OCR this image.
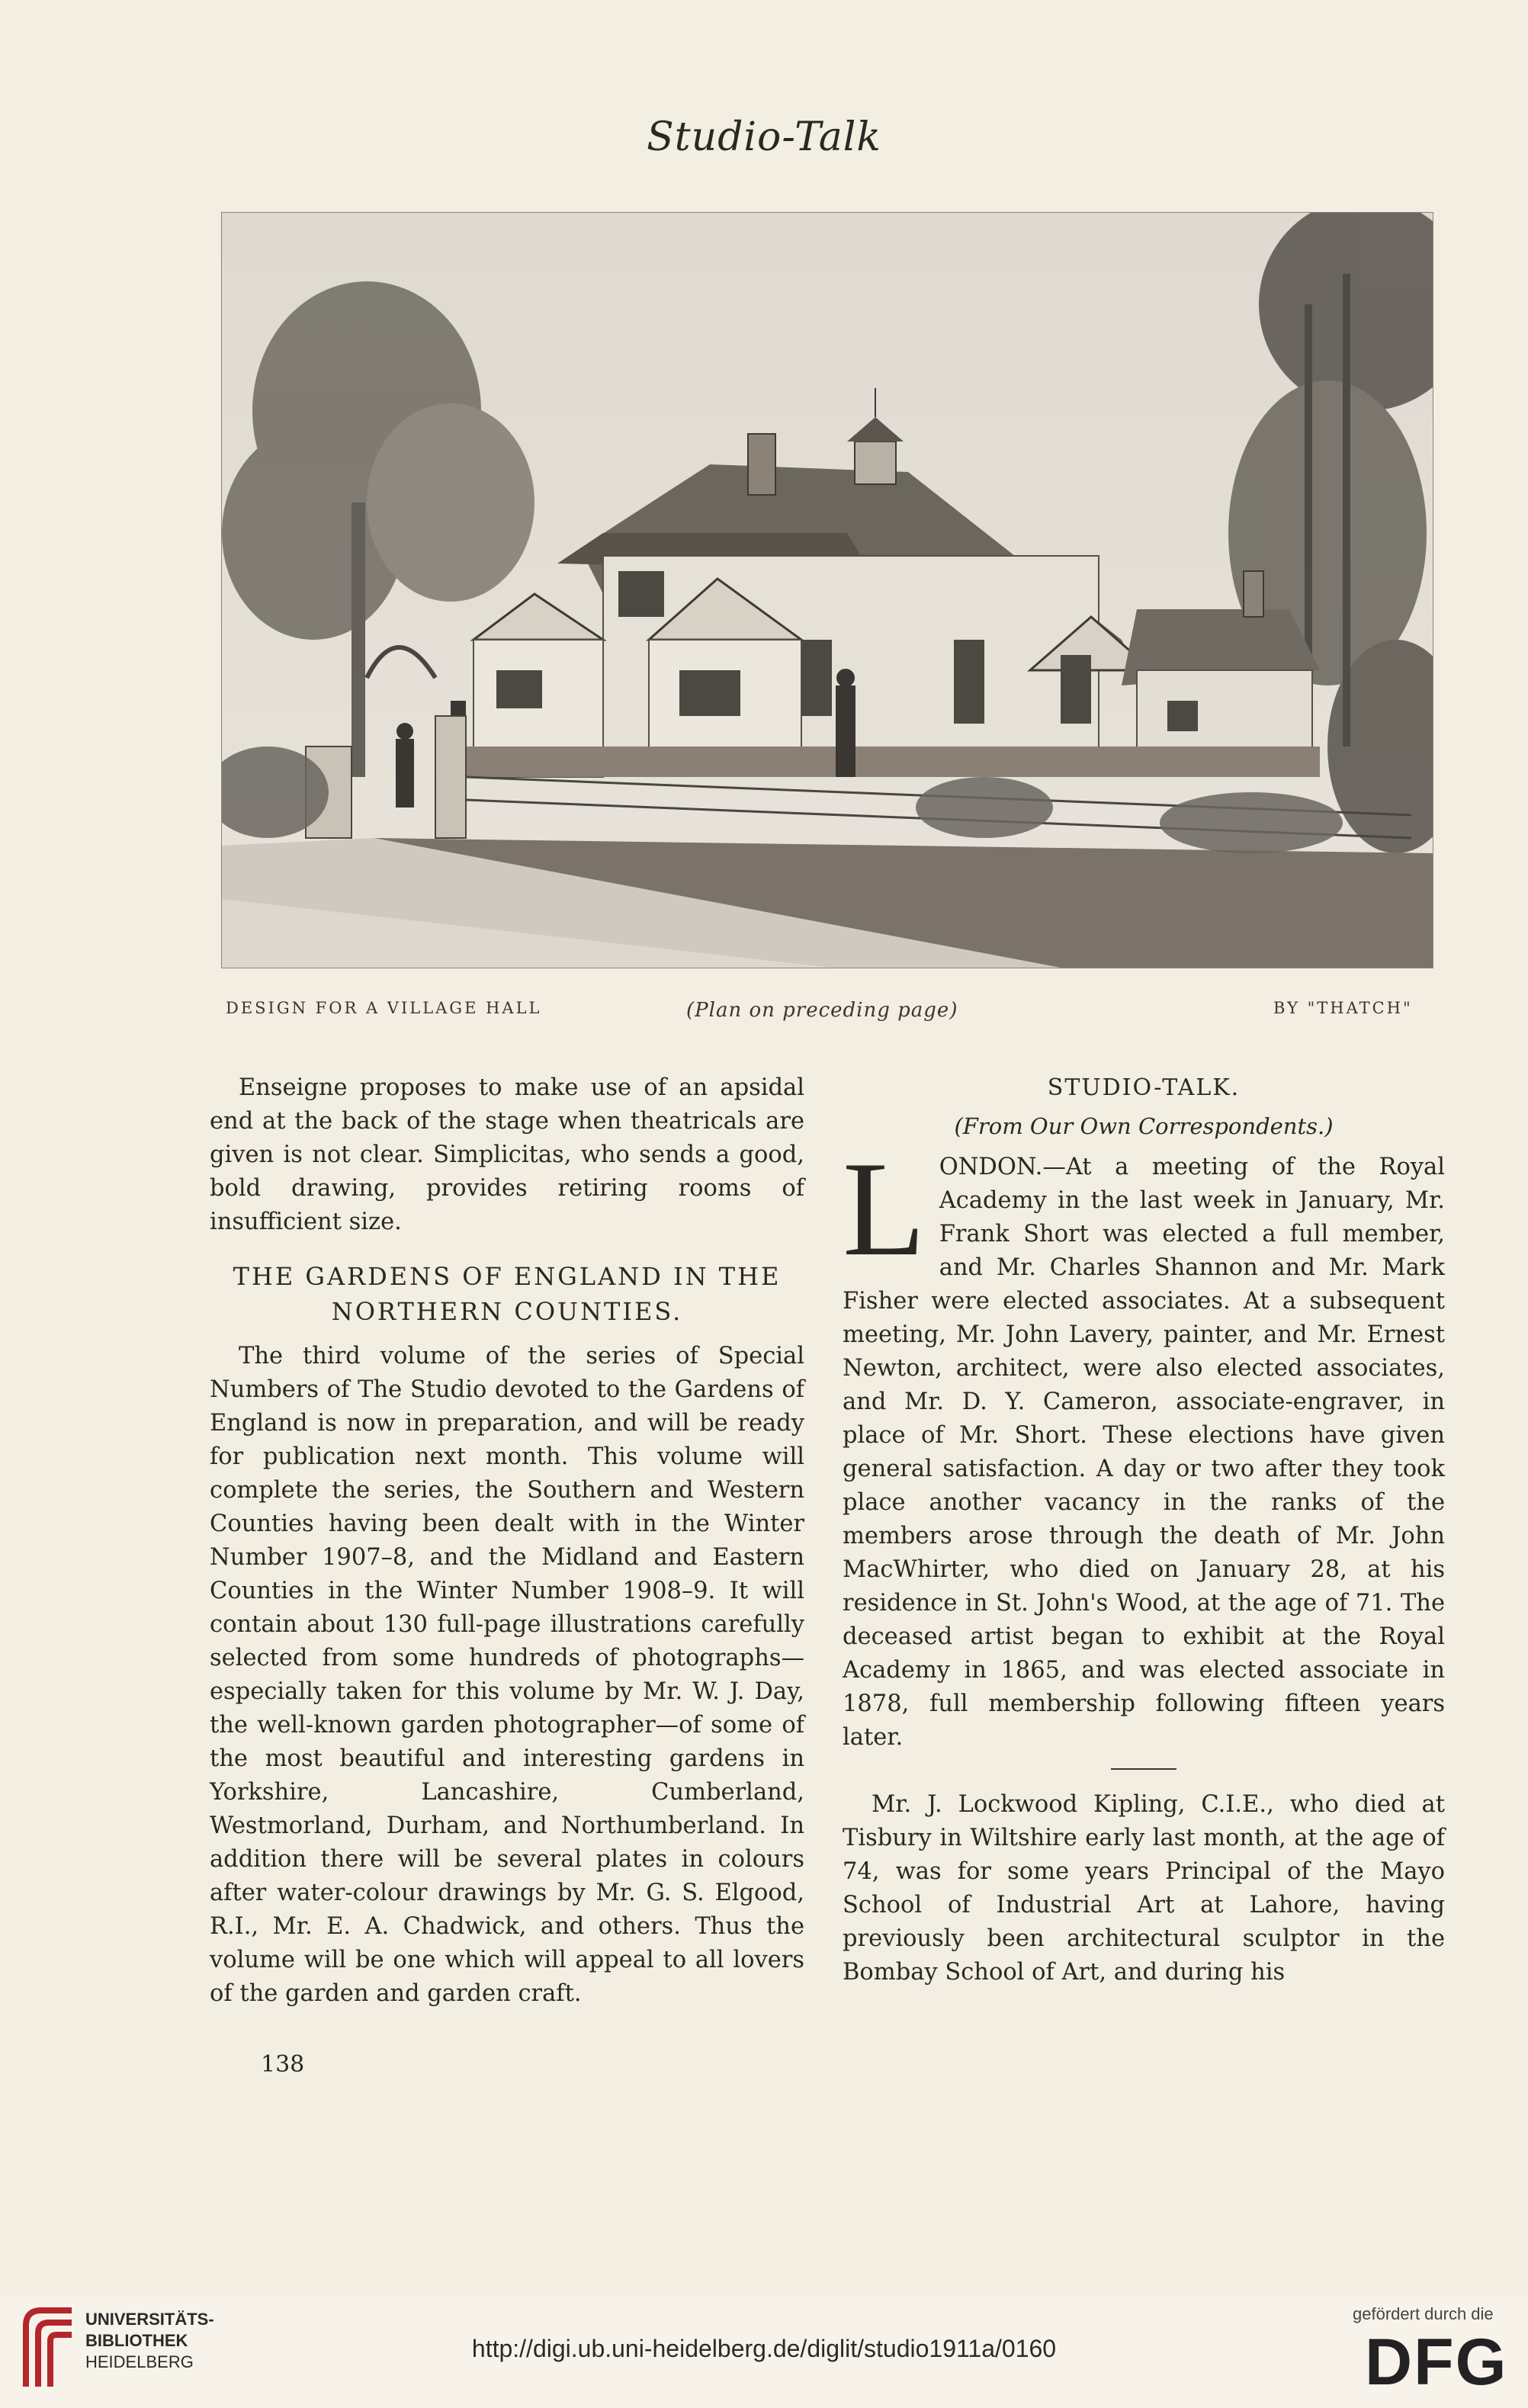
Studio-Talk
DESIGN FOR A VILLAGE HALL	(Plan on preceding page)	BY "THATCH"

Enseigne proposes to make use of an apsidal end at the back of the stage when theatricals are given is not clear. Simplicitas, who sends a good, bold drawing, provides retiring rooms of insufficient size.

THE GARDENS OF ENGLAND IN THE NORTHERN COUNTIES.

The third volume of the series of Special Numbers of The Studio devoted to the Gardens of England is now in preparation, and will be ready for publication next month. This volume will complete the series, the Southern and Western Counties having been dealt with in the Winter Number 1907–8, and the Midland and Eastern Counties in the Winter Number 1908–9. It will contain about 130 full-page illustrations carefully selected from some hundreds of photographs—especially taken for this volume by Mr. W. J. Day, the well-known garden photographer—of some of the most beautiful and interesting gardens in Yorkshire, Lancashire, Cumberland, Westmorland, Durham, and Northumberland. In addition there will be several plates in colours after water-colour drawings by Mr. G. S. Elgood, R.I., Mr. E. A. Chadwick, and others. Thus the volume will be one which will appeal to all lovers of the garden and garden craft.

138
STUDIO-TALK.
(From Our Own Correspondents.)
L ONDON.—At a meeting of the Royal Academy in the last week in January, Mr. Frank Short was elected a full member, and Mr. Charles Shannon and Mr. Mark Fisher were elected associates. At a subsequent meeting, Mr. John Lavery, painter, and Mr. Ernest Newton, architect, were also elected associates, and Mr. D. Y. Cameron, associate-engraver, in place of Mr. Short. These elections have given general satisfaction. A day or two after they took place another vacancy in the ranks of the members arose through the death of Mr. John MacWhirter, who died on January 28, at his residence in St. John's Wood, at the age of 71. The deceased artist began to exhibit at the Royal Academy in 1865, and was elected associate in 1878, full membership following fifteen years later.

Mr. J. Lockwood Kipling, C.I.E., who died at Tisbury in Wiltshire early last month, at the age of 74, was for some years Principal of the Mayo School of Industrial Art at Lahore, having previously been architectural sculptor in the Bombay School of Art, and during his

UNIVERSITÄTS-
BIBLIOTHEK
HEIDELBERG	http://digi.ub.uni-heidelberg.de/diglit/studio1911a/0160
gefördert durch die
DFG
